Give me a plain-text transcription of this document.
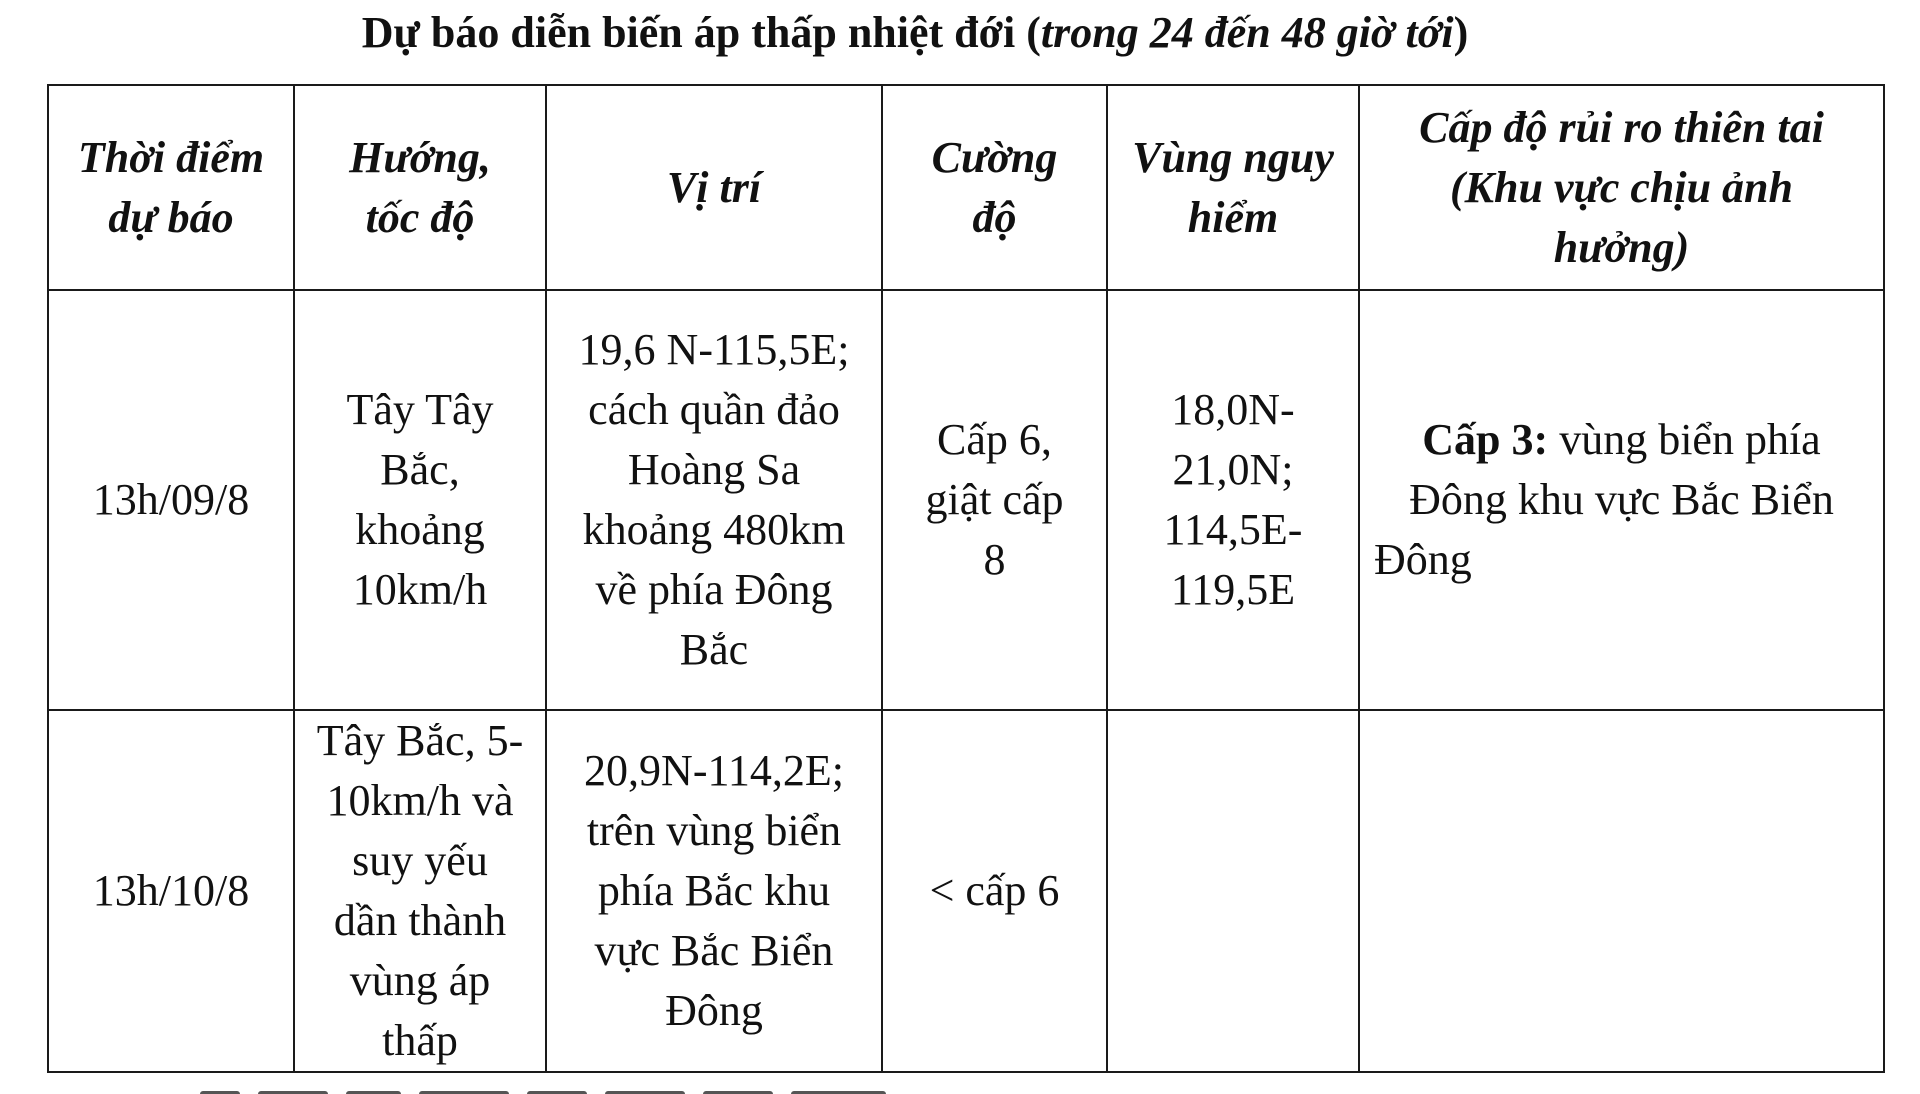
Dự báo diễn biến áp thấp nhiệt đới (trong 24 đến 48 giờ tới)
Thời điểm dự báo	Hướng, tốc độ	Vị trí	Cường độ	Vùng nguy hiểm	Cấp độ rủi ro thiên tai (Khu vực chịu ảnh hưởng)
13h/09/8	Tây Tây Bắc, khoảng 10km/h	19,6 N-115,5E; cách quần đảo Hoàng Sa khoảng 480km về phía Đông Bắc	Cấp 6, giật cấp 8	18,0N-21,0N; 114,5E-119,5E	Cấp 3: vùng biển phía Đông khu vực Bắc Biển Đông
13h/10/8	Tây Bắc, 5-10km/h và suy yếu dần thành vùng áp thấp	20,9N-114,2E; trên vùng biển phía Bắc khu vực Bắc Biển Đông	< cấp 6		
